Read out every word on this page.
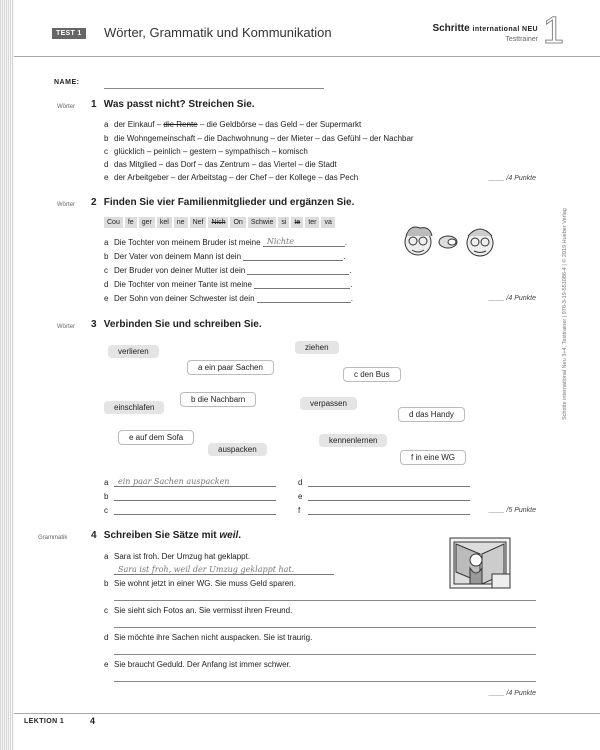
TEST 1	Wörter, Grammatik und Kommunikation	Schritte international NEU
Testtrainer 1
NAME:
Wörter 1 Was passt nicht? Streichen Sie.
a der Einkauf – die Rente – die Geldbörse – das Geld – der Supermarkt
b die Wohngemeinschaft – die Dachwohnung – der Mieter – das Gefühl – der Nachbar
c glücklich – peinlich – gestern – sympathisch – komisch
d das Mitglied – das Dorf – das Zentrum – das Viertel – die Stadt
e der Arbeitgeber – der Arbeitstag – der Chef – der Kollege – das Pech	____ /4 Punkte
Wörter 2 Finden Sie vier Familienmitglieder und ergänzen Sie.
Cou	fe	ger	kel	ne	Nef	Nich	On	Schwie	si	te	ter	va
a Die Tochter von meinem Bruder ist meine Nichte	.
b Der Vater von deinem Mann ist dein	.
c Der Bruder von deiner Mutter ist dein	.
d Die Tochter von meiner Tante ist meine	.
e Der Sohn von deiner Schwester ist dein	.	____ /4 Punkte
Wörter 3 Verbinden Sie und schreiben Sie.
verlieren	ziehen
a ein paar Sachen
c den Bus
einschlafen
b die Nachbarn	verpassen
d das Handy
e auf dem Sofa	kennenlernen
auspacken
f in eine WG
a ein paar Sachen auspacken
b
c
d
e
f	____ /5 Punkte
Grammatik 4 Schreiben Sie Sätze mit weil.
a Sara ist froh. Der Umzug hat geklappt.
Sara ist froh, weil der Umzug geklappt hat.
b Sie wohnt jetzt in einer WG. Sie muss Geld sparen.
c Sie sieht sich Fotos an. Sie vermisst ihren Freund.
d Sie möchte ihre Sachen nicht auspacken. Sie ist traurig.
e Sie braucht Geduld. Der Anfang ist immer schwer.
____ /4 Punkte
Schritte international Neu 3+4, Testtrainer | 978-3-19-551086-4 | © 2019 Hueber Verlag
LEKTION 1	4
